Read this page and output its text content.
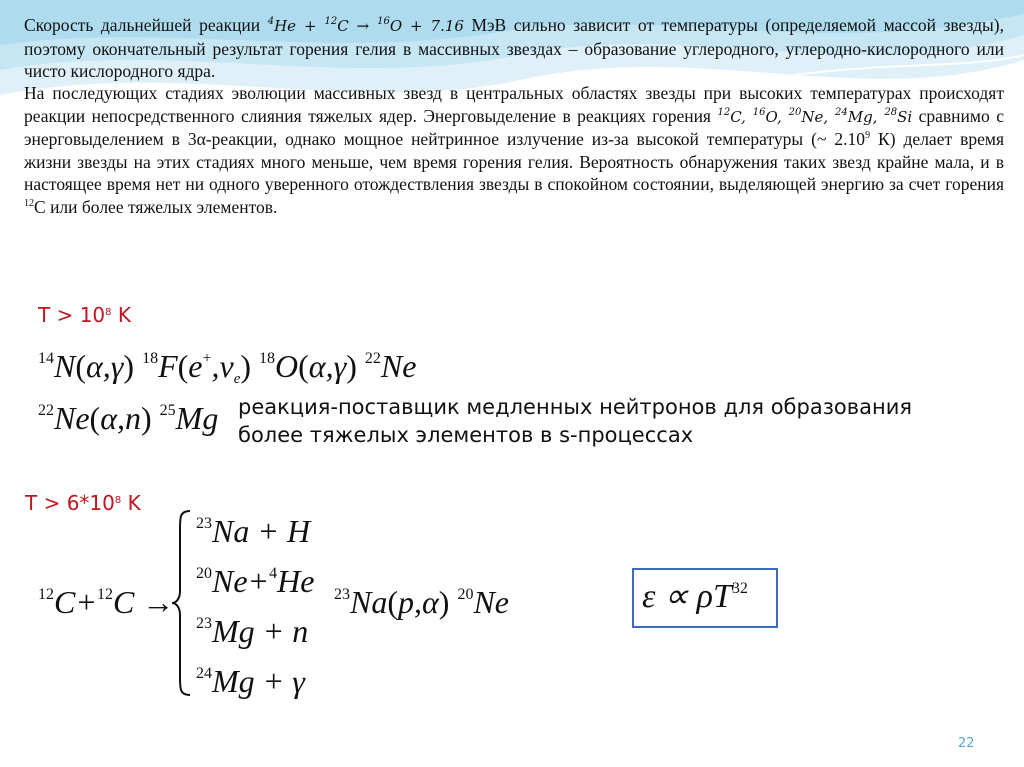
Скорость дальнейшей реакции $^4$He + $^{12}$C → $^{16}$O + 7.16 МэВ сильно зависит от температуры (определяемой массой звезды), поэтому окончательный результат горения гелия в массивных звездах – образование углеродного, углеродно-кислородного или чисто кислородного ядра.
На последующих стадиях эволюции массивных звезд в центральных областях звезды при высоких температурах происходят реакции непосредственного слияния тяжелых ядер. Энерговыделение в реакциях горения $^{12}$C, $^{16}$O, $^{20}$Ne, $^{24}$Mg, $^{28}$Si сравнимо с энерговыделением в 3α-реакции, однако мощное нейтринное излучение из-за высокой температуры (~ 2.10$^9$ К) делает время жизни звезды на этих стадиях много меньше, чем время горения гелия. Вероятность обнаружения таких звезд крайне мала, и в настоящее время нет ни одного уверенного отождествления звезды в спокойном состоянии, выделяющей энергию за счет горения $^{12}$С или более тяжелых элементов.
$T > 10^8$ K
$^{14}$N(α,γ) $^{18}F(e^+,\nu_e)$ $^{18}$O(α,γ) $^{22}$Ne
$^{22}$Ne(α,n) $^{25}$Mg реакция-поставщик медленных нейтронов для образования
более тяжелых элементов в s-процессах
$T > 6*10^8$ K
$^{12}$C+$^{12}$C →
$^{23}$Na + H
$^{20}$Ne+$^4$He
$^{23}$Mg + n
$^{24}$Mg + γ
$^{23}$Na(p,α) $^{20}$Ne	$\varepsilon \propto \rho T^{32}$
22
